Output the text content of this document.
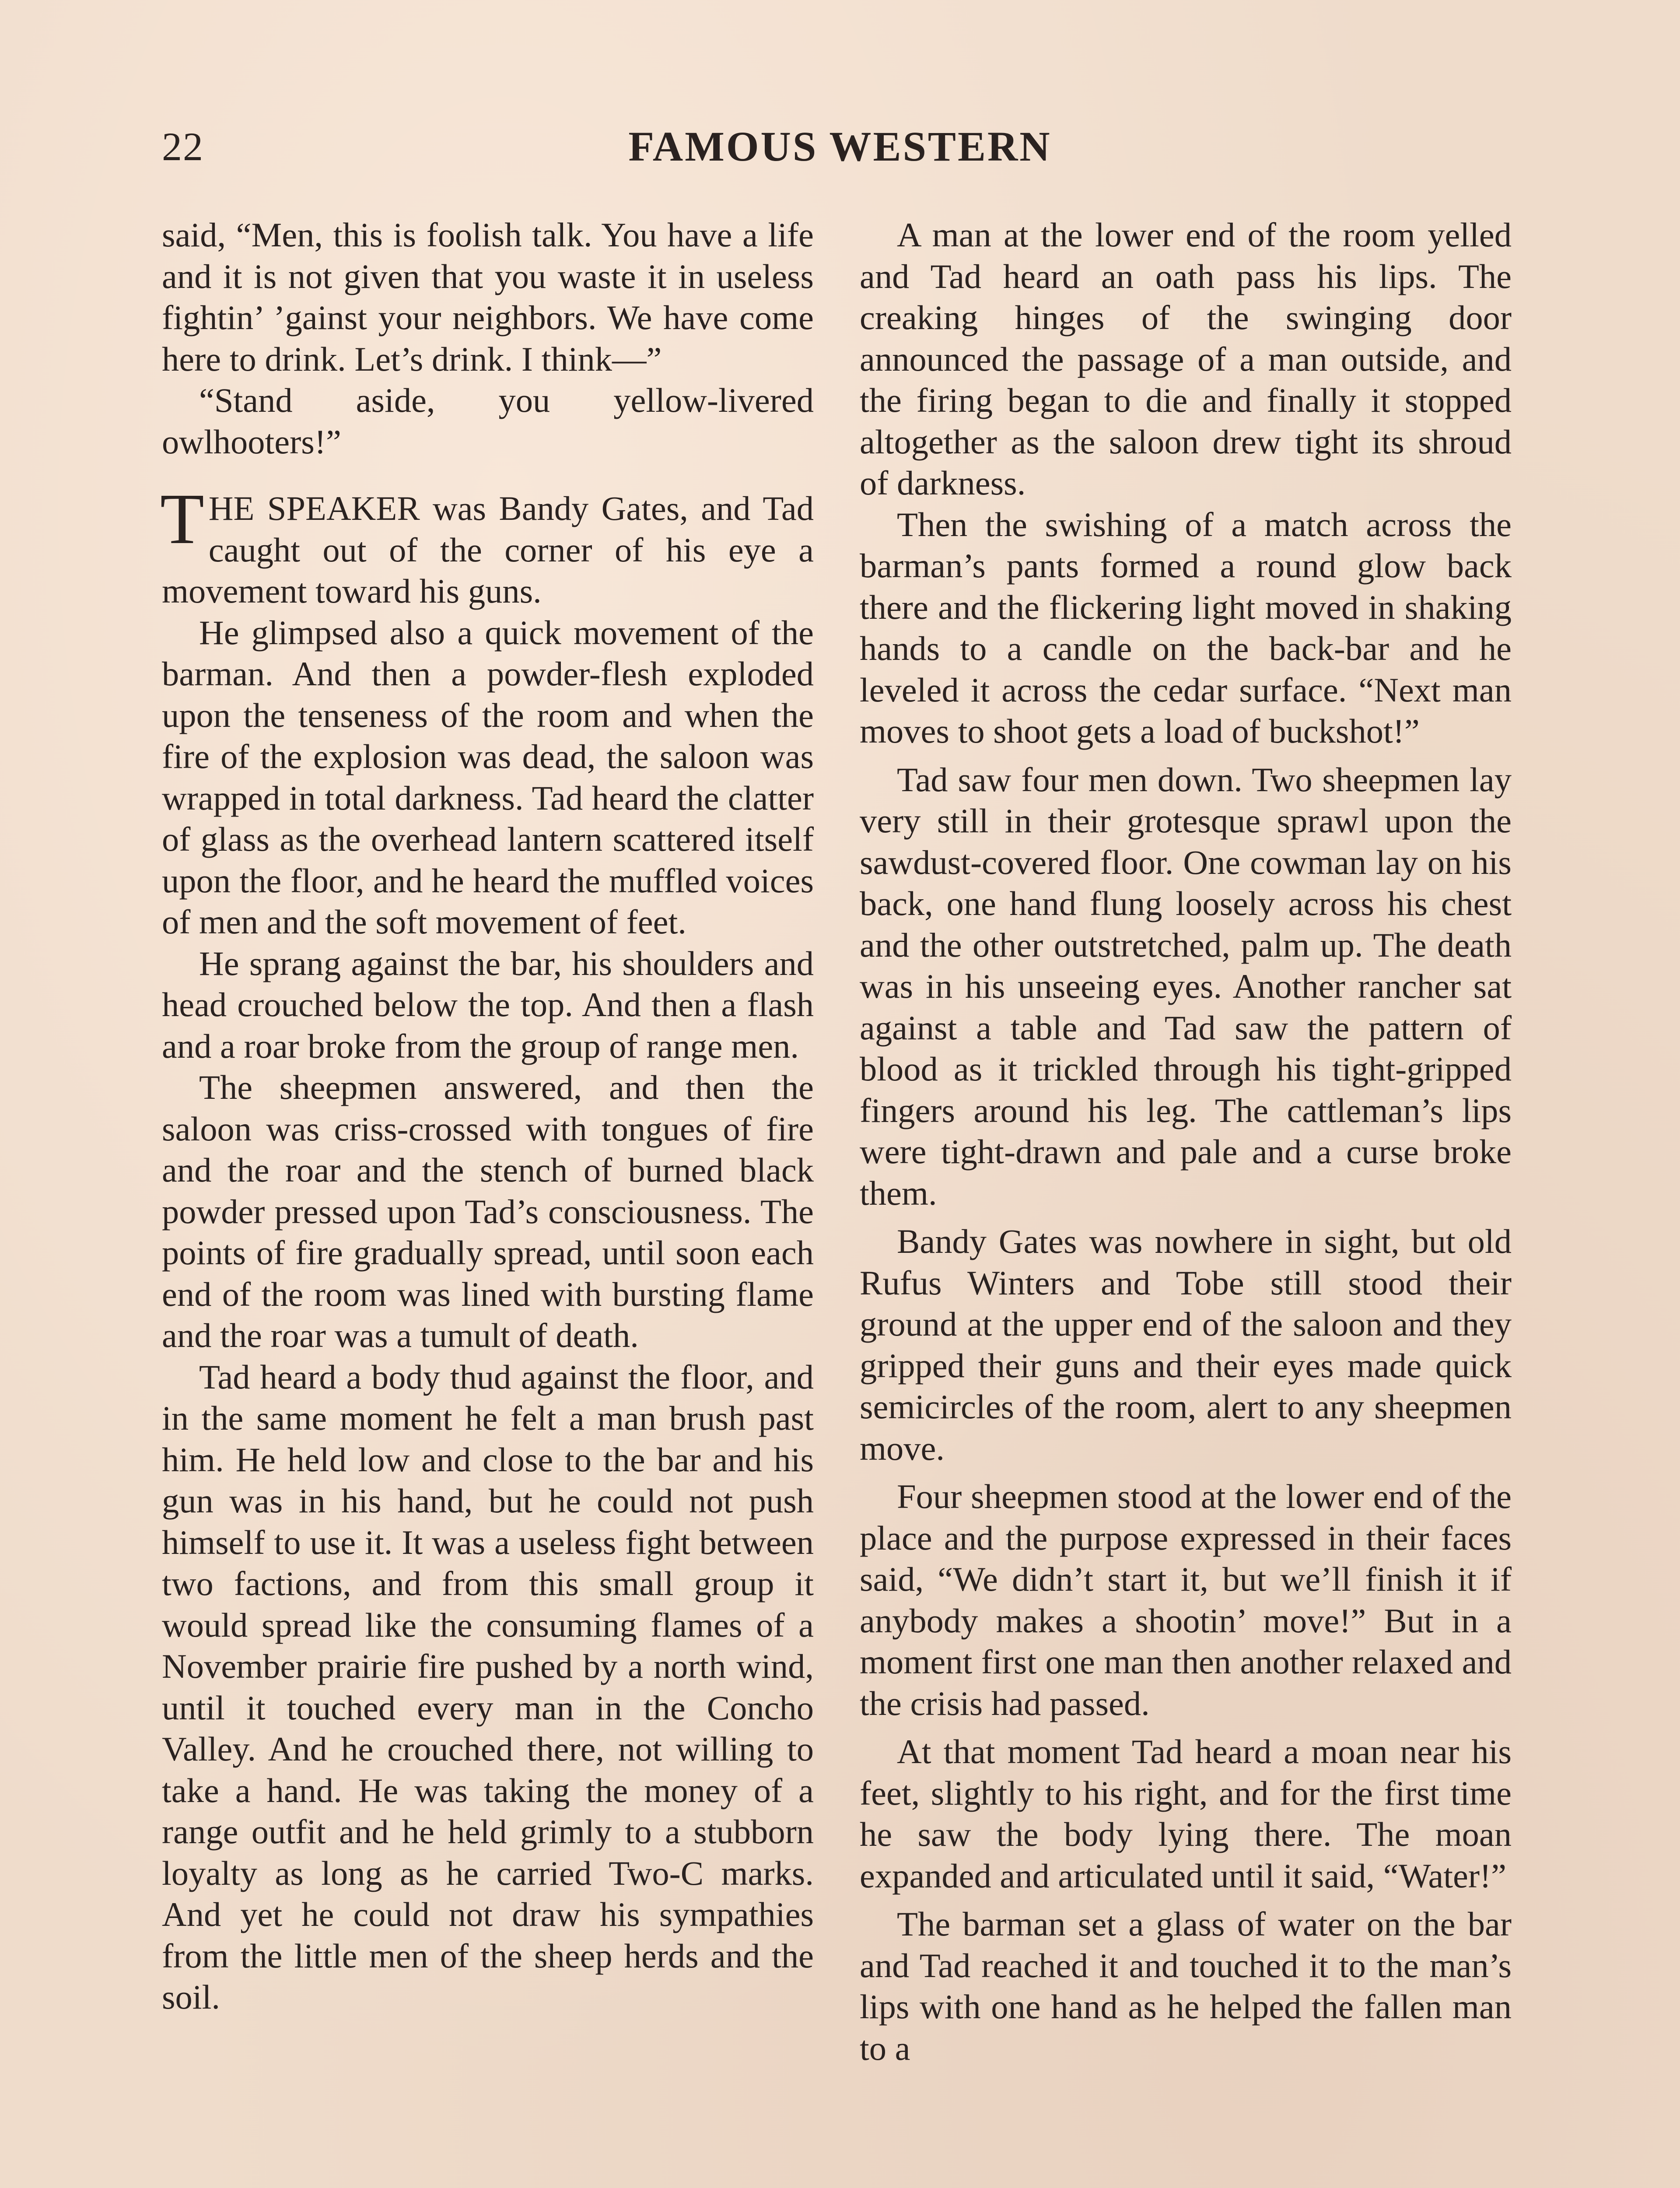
22	FAMOUS WESTERN

said, “Men, this is foolish talk. You have a life and it is not given that you waste it in useless fightin’ ’gainst your neighbors. We have come here to drink. Let’s drink. I think—”

“Stand aside, you yellow-livered owlhooters!”

THE SPEAKER was Bandy Gates, and Tad caught out of the corner of his eye a movement toward his guns.

He glimpsed also a quick movement of the barman. And then a powder-flesh exploded upon the tenseness of the room and when the fire of the explosion was dead, the saloon was wrapped in total darkness. Tad heard the clatter of glass as the overhead lantern scattered itself upon the floor, and he heard the muffled voices of men and the soft movement of feet.

He sprang against the bar, his shoulders and head crouched below the top. And then a flash and a roar broke from the group of range men.

The sheepmen answered, and then the saloon was criss-crossed with tongues of fire and the roar and the stench of burned black powder pressed upon Tad’s consciousness. The points of fire gradually spread, until soon each end of the room was lined with bursting flame and the roar was a tumult of death.

Tad heard a body thud against the floor, and in the same moment he felt a man brush past him. He held low and close to the bar and his gun was in his hand, but he could not push himself to use it. It was a useless fight between two factions, and from this small group it would spread like the consuming flames of a November prairie fire pushed by a north wind, until it touched every man in the Concho Valley. And he crouched there, not willing to take a hand. He was taking the money of a range outfit and he held grimly to a stubborn loyalty as long as he carried Two-C marks. And yet he could not draw his sympathies from the little men of the sheep herds and the soil.

A man at the lower end of the room yelled and Tad heard an oath pass his lips. The creaking hinges of the swinging door announced the passage of a man outside, and the firing began to die and finally it stopped altogether as the saloon drew tight its shroud of darkness.

Then the swishing of a match across the barman’s pants formed a round glow back there and the flickering light moved in shaking hands to a candle on the back-bar and he leveled it across the cedar surface. “Next man moves to shoot gets a load of buckshot!”

Tad saw four men down. Two sheepmen lay very still in their grotesque sprawl upon the sawdust-covered floor. One cowman lay on his back, one hand flung loosely across his chest and the other outstretched, palm up. The death was in his unseeing eyes. Another rancher sat against a table and Tad saw the pattern of blood as it trickled through his tight-gripped fingers around his leg. The cattleman’s lips were tight-drawn and pale and a curse broke them.

Bandy Gates was nowhere in sight, but old Rufus Winters and Tobe still stood their ground at the upper end of the saloon and they gripped their guns and their eyes made quick semicircles of the room, alert to any sheepmen move.

Four sheepmen stood at the lower end of the place and the purpose expressed in their faces said, “We didn’t start it, but we’ll finish it if anybody makes a shootin’ move!” But in a moment first one man then another relaxed and the crisis had passed.

At that moment Tad heard a moan near his feet, slightly to his right, and for the first time he saw the body lying there. The moan expanded and articulated until it said, “Water!”

The barman set a glass of water on the bar and Tad reached it and touched it to the man’s lips with one hand as he helped the fallen man to a
